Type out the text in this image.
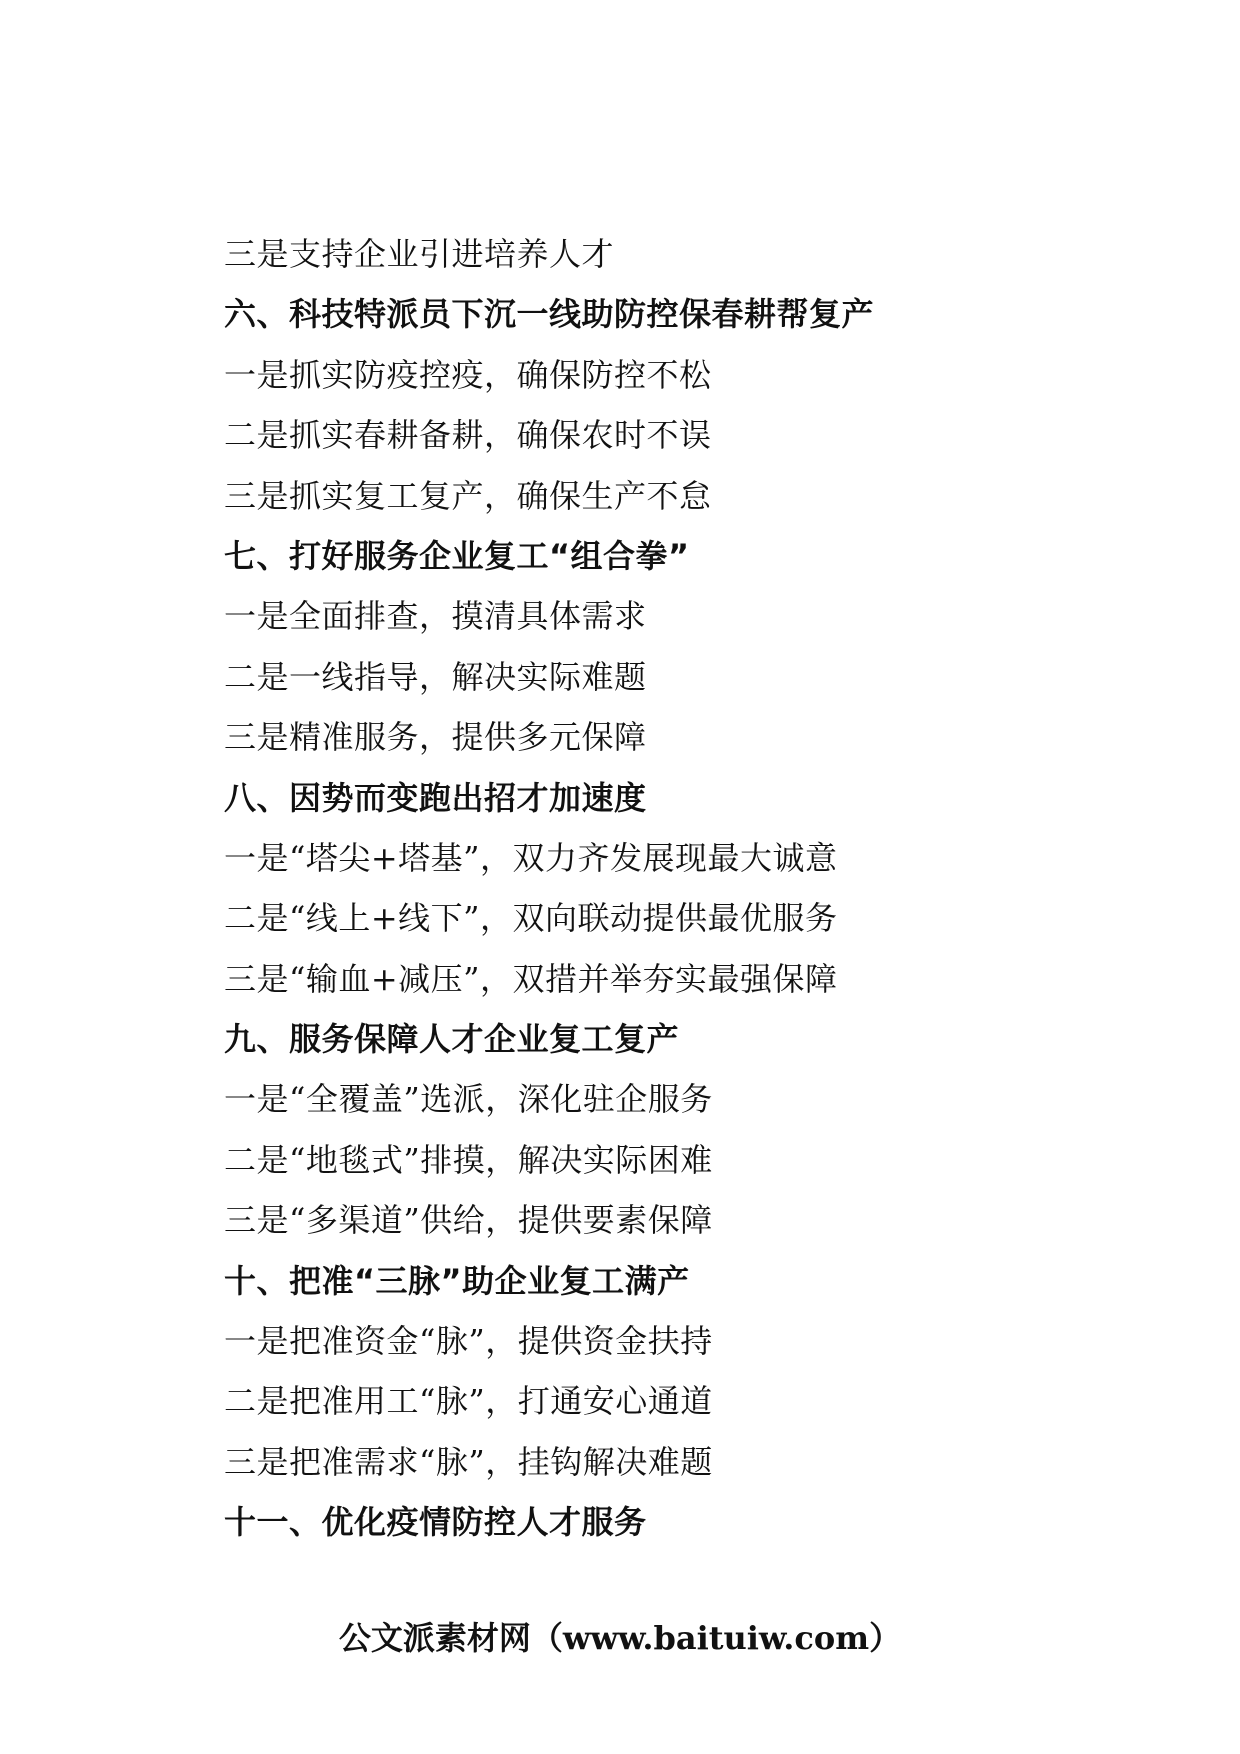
三是支持企业引进培养人才
六、科技特派员下沉一线助防控保春耕帮复产
一是抓实防疫控疫，确保防控不松
二是抓实春耕备耕，确保农时不误
三是抓实复工复产，确保生产不怠
七、打好服务企业复工“组合拳”
一是全面排查，摸清具体需求
二是一线指导，解决实际难题
三是精准服务，提供多元保障
八、因势而变跑出招才加速度
一是“塔尖+塔基”，双力齐发展现最大诚意
二是“线上+线下”，双向联动提供最优服务
三是“输血+减压”，双措并举夯实最强保障
九、服务保障人才企业复工复产
一是“全覆盖”选派，深化驻企服务
二是“地毯式”排摸，解决实际困难
三是“多渠道”供给，提供要素保障
十、把准“三脉”助企业复工满产
一是把准资金“脉”，提供资金扶持
二是把准用工“脉”，打通安心通道
三是把准需求“脉”，挂钩解决难题
十一、优化疫情防控人才服务
公文派素材网（www.baituiw.com）
